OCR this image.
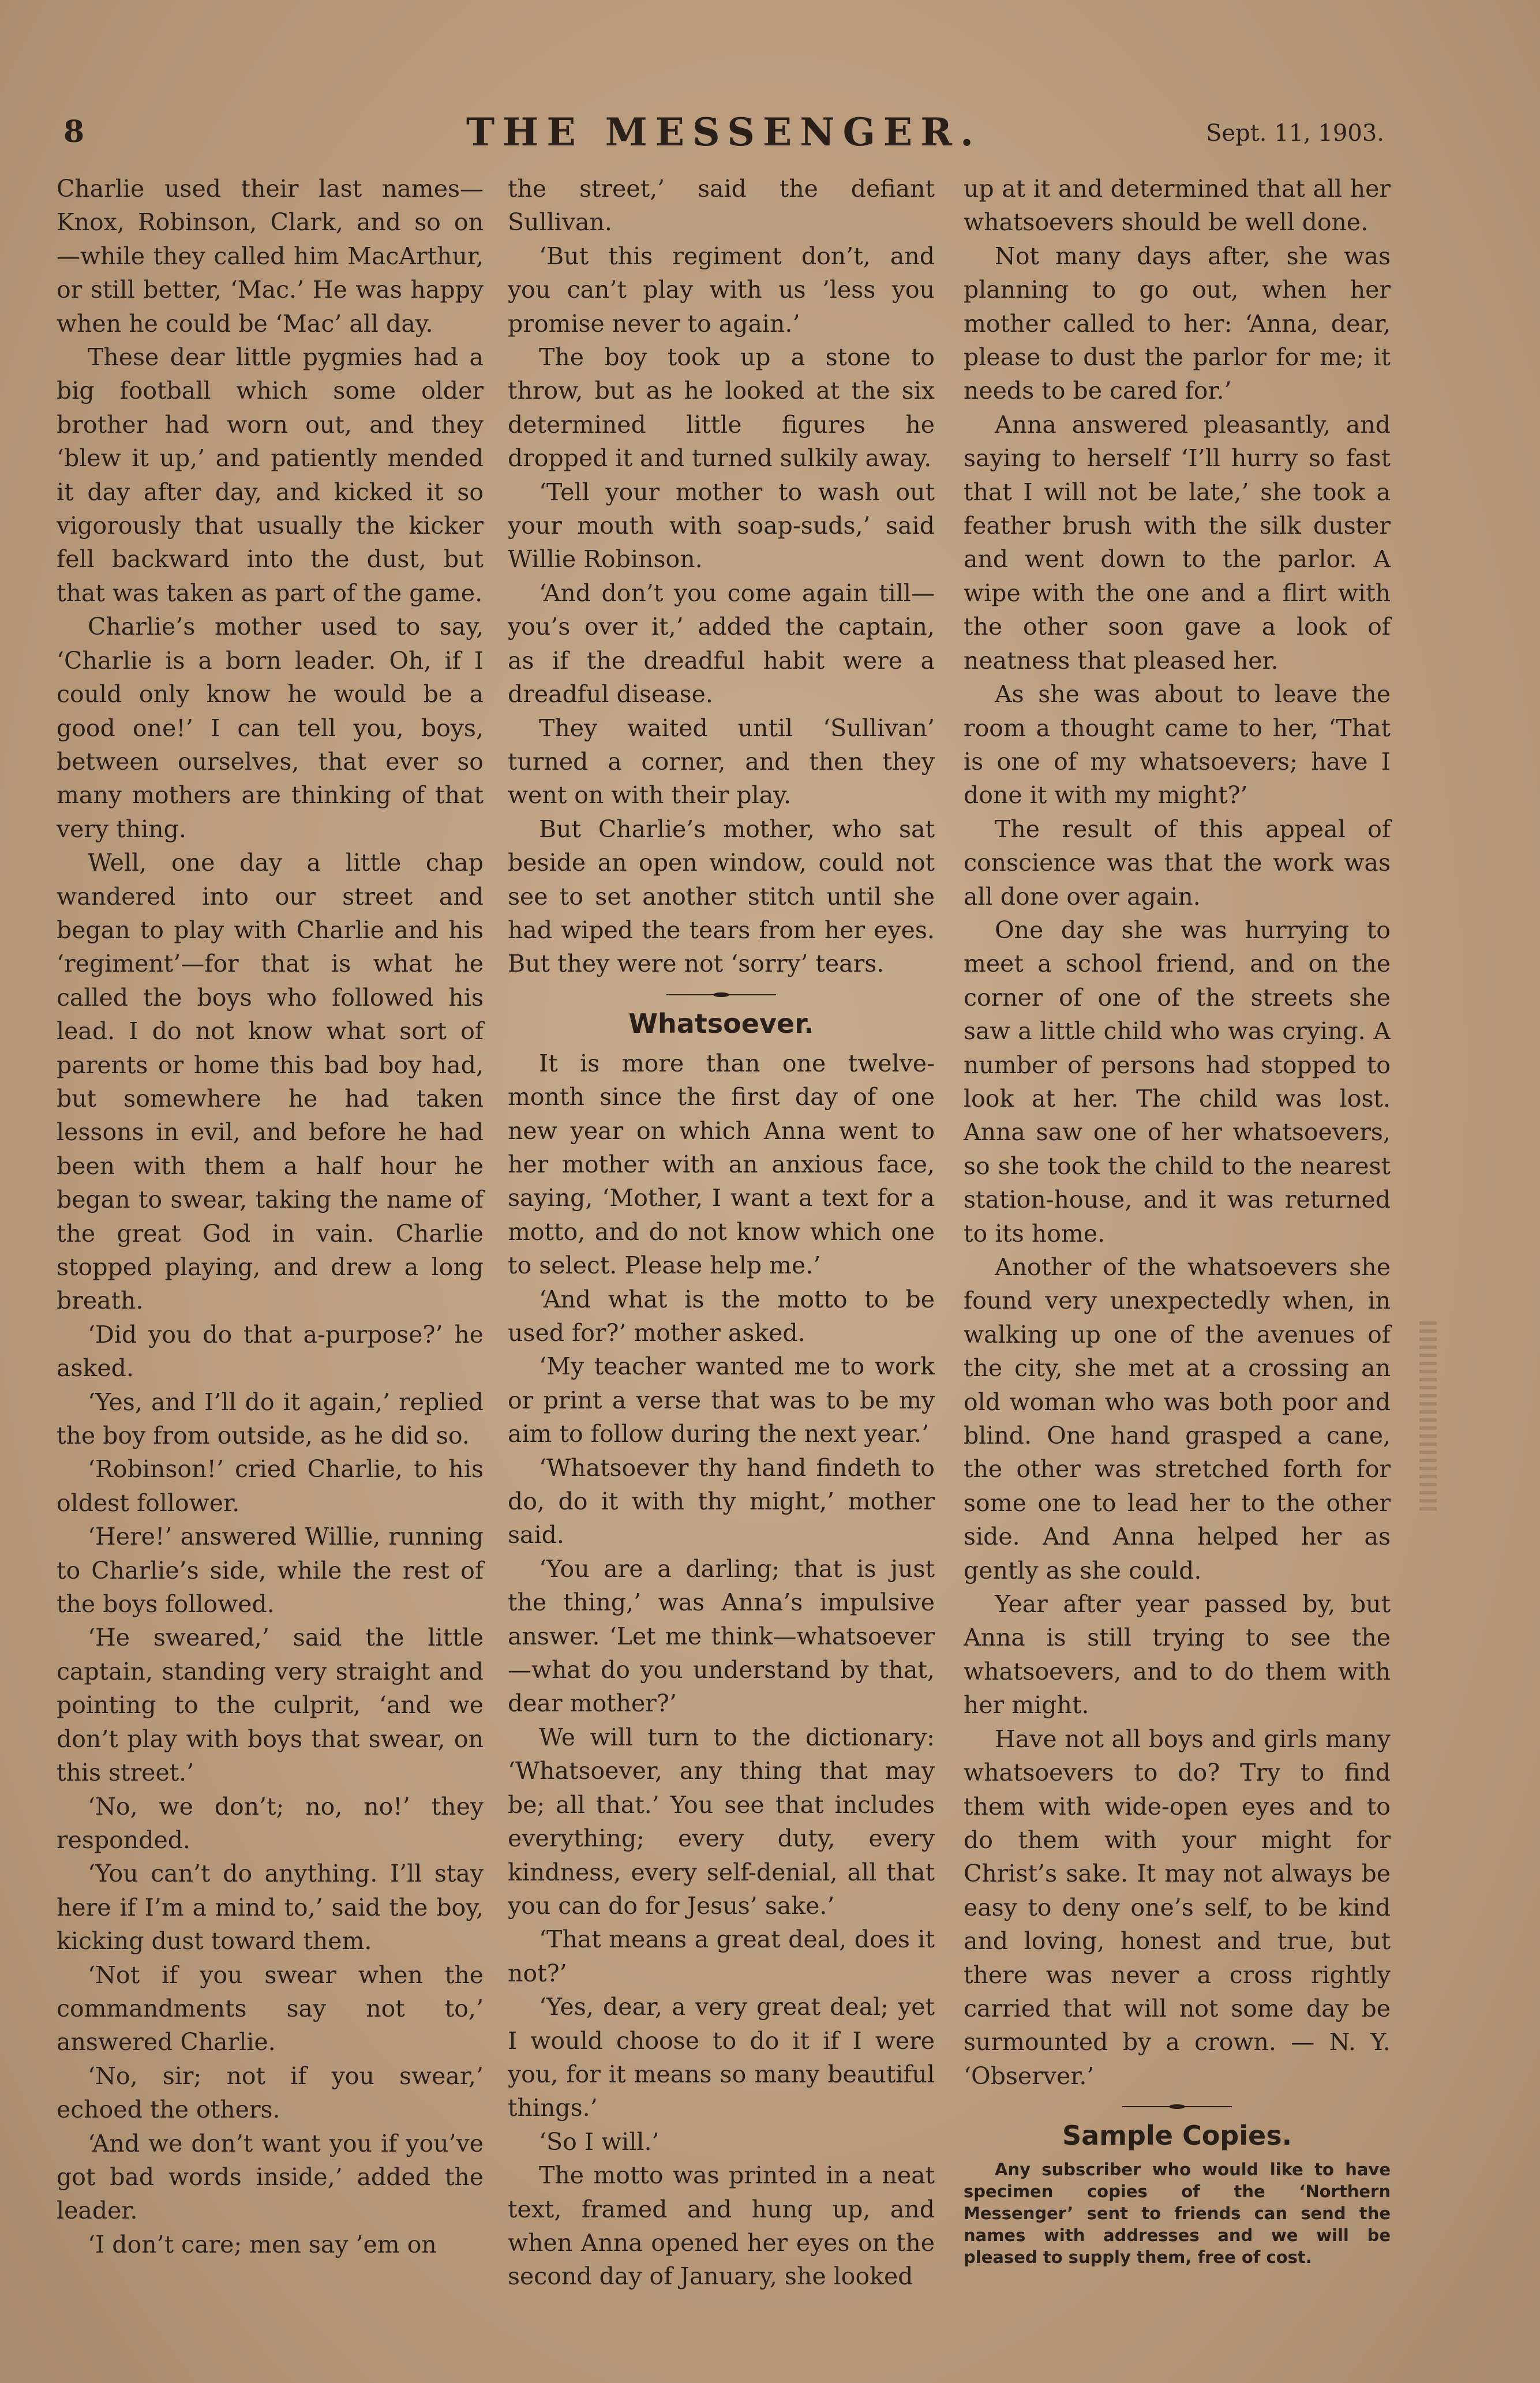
8	THE MESSENGER.	Sept. 11, 1903.

Charlie used their last names—Knox, Robinson, Clark, and so on —while they called him MacArthur, or still better, ‘Mac.’ He was happy when he could be ‘Mac’ all day.

These dear little pygmies had a big football which some older brother had worn out, and they ‘blew it up,’ and patiently mended it day after day, and kicked it so vigorously that usually the kicker fell backward into the dust, but that was taken as part of the game.

Charlie’s mother used to say, ‘Charlie is a born leader. Oh, if I could only know he would be a good one!’ I can tell you, boys, between ourselves, that ever so many mothers are thinking of that very thing.

Well, one day a little chap wandered into our street and began to play with Charlie and his ‘regiment’—for that is what he called the boys who followed his lead. I do not know what sort of parents or home this bad boy had, but somewhere he had taken lessons in evil, and before he had been with them a half hour he began to swear, taking the name of the great God in vain. Charlie stopped playing, and drew a long breath.

‘Did you do that a-purpose?’ he asked.

‘Yes, and I’ll do it again,’ replied the boy from outside, as he did so.

‘Robinson!’ cried Charlie, to his oldest follower.

‘Here!’ answered Willie, running to Charlie’s side, while the rest of the boys followed.

‘He sweared,’ said the little captain, standing very straight and pointing to the culprit, ‘and we don’t play with boys that swear, on this street.’

‘No, we don’t; no, no!’ they responded.

‘You can’t do anything. I’ll stay here if I’m a mind to,’ said the boy, kicking dust toward them.

‘Not if you swear when the commandments say not to,’ answered Charlie.

‘No, sir; not if you swear,’ echoed the others.

‘And we don’t want you if you’ve got bad words inside,’ added the leader.

‘I don’t care; men say ’em on

the street,’ said the defiant Sullivan.

‘But this regiment don’t, and you can’t play with us ’less you promise never to again.’

The boy took up a stone to throw, but as he looked at the six determined little figures he dropped it and turned sulkily away.

‘Tell your mother to wash out your mouth with soap-suds,’ said Willie Robinson.

‘And don’t you come again till—you’s over it,’ added the captain, as if the dreadful habit were a dreadful disease.

They waited until ‘Sullivan’ turned a corner, and then they went on with their play.

But Charlie’s mother, who sat beside an open window, could not see to set another stitch until she had wiped the tears from her eyes. But they were not ‘sorry’ tears.

Whatsoever.

It is more than one twelve-month since the first day of one new year on which Anna went to her mother with an anxious face, saying, ‘Mother, I want a text for a motto, and do not know which one to select. Please help me.’

‘And what is the motto to be used for?’ mother asked.

‘My teacher wanted me to work or print a verse that was to be my aim to follow during the next year.’

‘Whatsoever thy hand findeth to do, do it with thy might,’ mother said.

‘You are a darling; that is just the thing,’ was Anna’s impulsive answer. ‘Let me think—whatsoever—what do you understand by that, dear mother?’

We will turn to the dictionary: ‘Whatsoever, any thing that may be; all that.’ You see that includes everything; every duty, every kindness, every self-denial, all that you can do for Jesus’ sake.’

‘That means a great deal, does it not?’

‘Yes, dear, a very great deal; yet I would choose to do it if I were you, for it means so many beautiful things.’

‘So I will.’

The motto was printed in a neat text, framed and hung up, and when Anna opened her eyes on the second day of January, she looked

up at it and determined that all her whatsoevers should be well done.

Not many days after, she was planning to go out, when her mother called to her: ‘Anna, dear, please to dust the parlor for me; it needs to be cared for.’

Anna answered pleasantly, and saying to herself ‘I’ll hurry so fast that I will not be late,’ she took a feather brush with the silk duster and went down to the parlor. A wipe with the one and a flirt with the other soon gave a look of neatness that pleased her.

As she was about to leave the room a thought came to her, ‘That is one of my whatsoevers; have I done it with my might?’

The result of this appeal of conscience was that the work was all done over again.

One day she was hurrying to meet a school friend, and on the corner of one of the streets she saw a little child who was crying. A number of persons had stopped to look at her. The child was lost. Anna saw one of her whatsoevers, so she took the child to the nearest station-house, and it was returned to its home.

Another of the whatsoevers she found very unexpectedly when, in walking up one of the avenues of the city, she met at a crossing an old woman who was both poor and blind. One hand grasped a cane, the other was stretched forth for some one to lead her to the other side. And Anna helped her as gently as she could.

Year after year passed by, but Anna is still trying to see the whatsoevers, and to do them with her might.

Have not all boys and girls many whatsoevers to do? Try to find them with wide-open eyes and to do them with your might for Christ’s sake. It may not always be easy to deny one’s self, to be kind and loving, honest and true, but there was never a cross rightly carried that will not some day be surmounted by a crown. — N. Y. ‘Observer.’

Sample Copies.

Any subscriber who would like to have specimen copies of the ‘Northern Messenger’ sent to friends can send the names with addresses and we will be pleased to supply them, free of cost.
